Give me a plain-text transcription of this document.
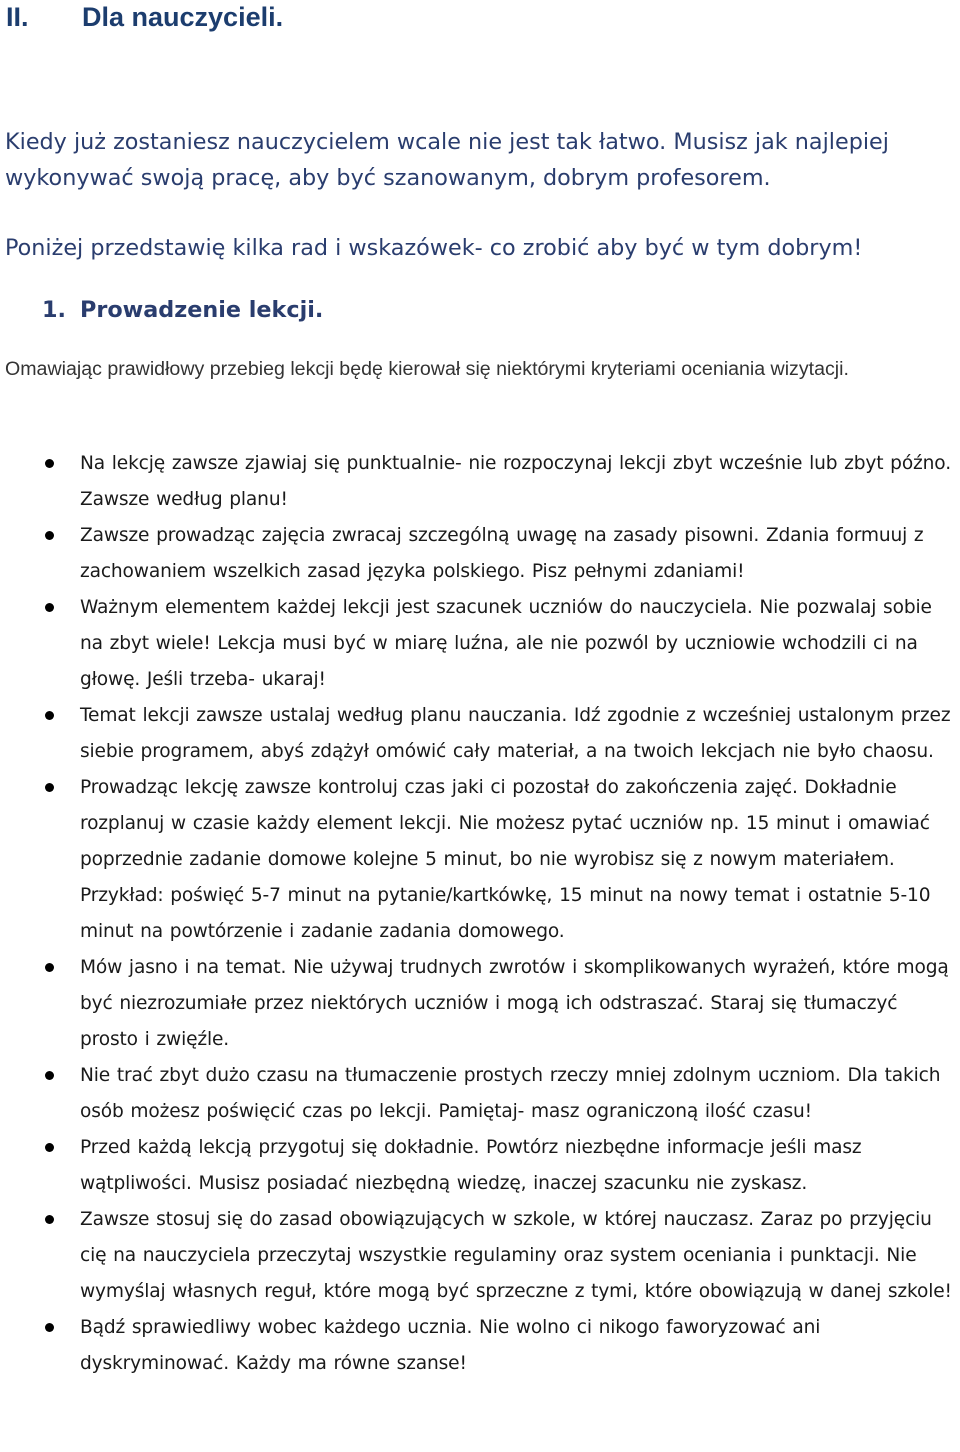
II.	Dla nauczycieli.

Kiedy już zostaniesz nauczycielem wcale nie jest tak łatwo. Musisz jak najlepiej

wykonywać swoją pracę, aby być szanowanym, dobrym profesorem.

Poniżej przedstawię kilka rad i wskazówek- co zrobić aby być w tym dobrym!

1. Prowadzenie lekcji.

Omawiając prawidłowy przebieg lekcji będę kierował się niektórymi kryteriami oceniania wizytacji.

Na lekcję zawsze zjawiaj się punktualnie- nie rozpoczynaj lekcji zbyt wcześnie lub zbyt późno. Zawsze według planu!
Zawsze prowadząc zajęcia zwracaj szczególną uwagę na zasady pisowni. Zdania formuuj z zachowaniem wszelkich zasad języka polskiego. Pisz pełnymi zdaniami!
Ważnym elementem każdej lekcji jest szacunek uczniów do nauczyciela. Nie pozwalaj sobie na zbyt wiele! Lekcja musi być w miarę luźna, ale nie pozwól by uczniowie wchodzili ci na głowę. Jeśli trzeba- ukaraj!
Temat lekcji zawsze ustalaj według planu nauczania. Idź zgodnie z wcześniej ustalonym przez siebie programem, abyś zdążył omówić cały materiał, a na twoich lekcjach nie było chaosu.
Prowadząc lekcję zawsze kontroluj czas jaki ci pozostał do zakończenia zajęć. Dokładnie rozplanuj w czasie każdy element lekcji. Nie możesz pytać uczniów np. 15 minut i omawiać poprzednie zadanie domowe kolejne 5 minut, bo nie wyrobisz się z nowym materiałem. Przykład: poświęć 5-7 minut na pytanie/kartkówkę, 15 minut na nowy temat i ostatnie 5-10 minut na powtórzenie i zadanie zadania domowego.
Mów jasno i na temat. Nie używaj trudnych zwrotów i skomplikowanych wyrażeń, które mogą być niezrozumiałe przez niektórych uczniów i mogą ich odstraszać. Staraj się tłumaczyć prosto i zwięźle.
Nie trać zbyt dużo czasu na tłumaczenie prostych rzeczy mniej zdolnym uczniom. Dla takich osób możesz poświęcić czas po lekcji. Pamiętaj- masz ograniczoną ilość czasu!
Przed każdą lekcją przygotuj się dokładnie. Powtórz niezbędne informacje jeśli masz wątpliwości. Musisz posiadać niezbędną wiedzę, inaczej szacunku nie zyskasz.
Zawsze stosuj się do zasad obowiązujących w szkole, w której nauczasz. Zaraz po przyjęciu cię na nauczyciela przeczytaj wszystkie regulaminy oraz system oceniania i punktacji. Nie wymyślaj własnych reguł, które mogą być sprzeczne z tymi, które obowiązują w danej szkole!
Bądź sprawiedliwy wobec każdego ucznia. Nie wolno ci nikogo faworyzować ani dyskryminować. Każdy ma równe szanse!
